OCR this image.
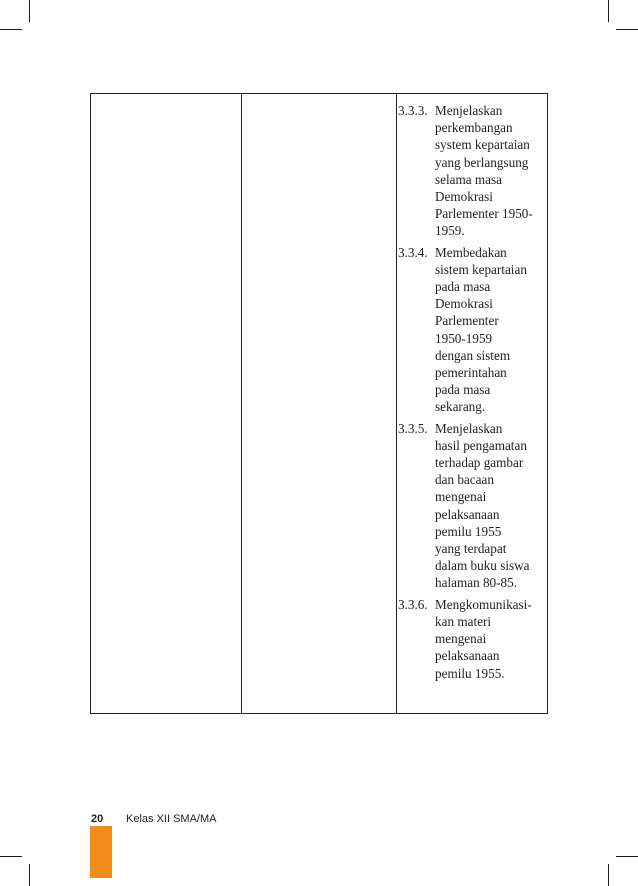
3.3.3. Menjelaskan
perkembangan
system kepartaian
yang berlangsung
selama masa
Demokrasi
Parlementer 1950-
1959.
3.3.4. Membedakan
sistem kepartaian
pada masa
Demokrasi
Parlementer
1950-1959
dengan sistem
pemerintahan
pada masa
sekarang.
3.3.5. Menjelaskan
hasil pengamatan
terhadap gambar
dan bacaan
mengenai
pelaksanaan
pemilu 1955
yang terdapat
dalam buku siswa
halaman 80-85.
3.3.6. Mengkomunikasi-
kan materi
mengenai
pelaksanaan
pemilu 1955.
20 Kelas XII SMA/MA
